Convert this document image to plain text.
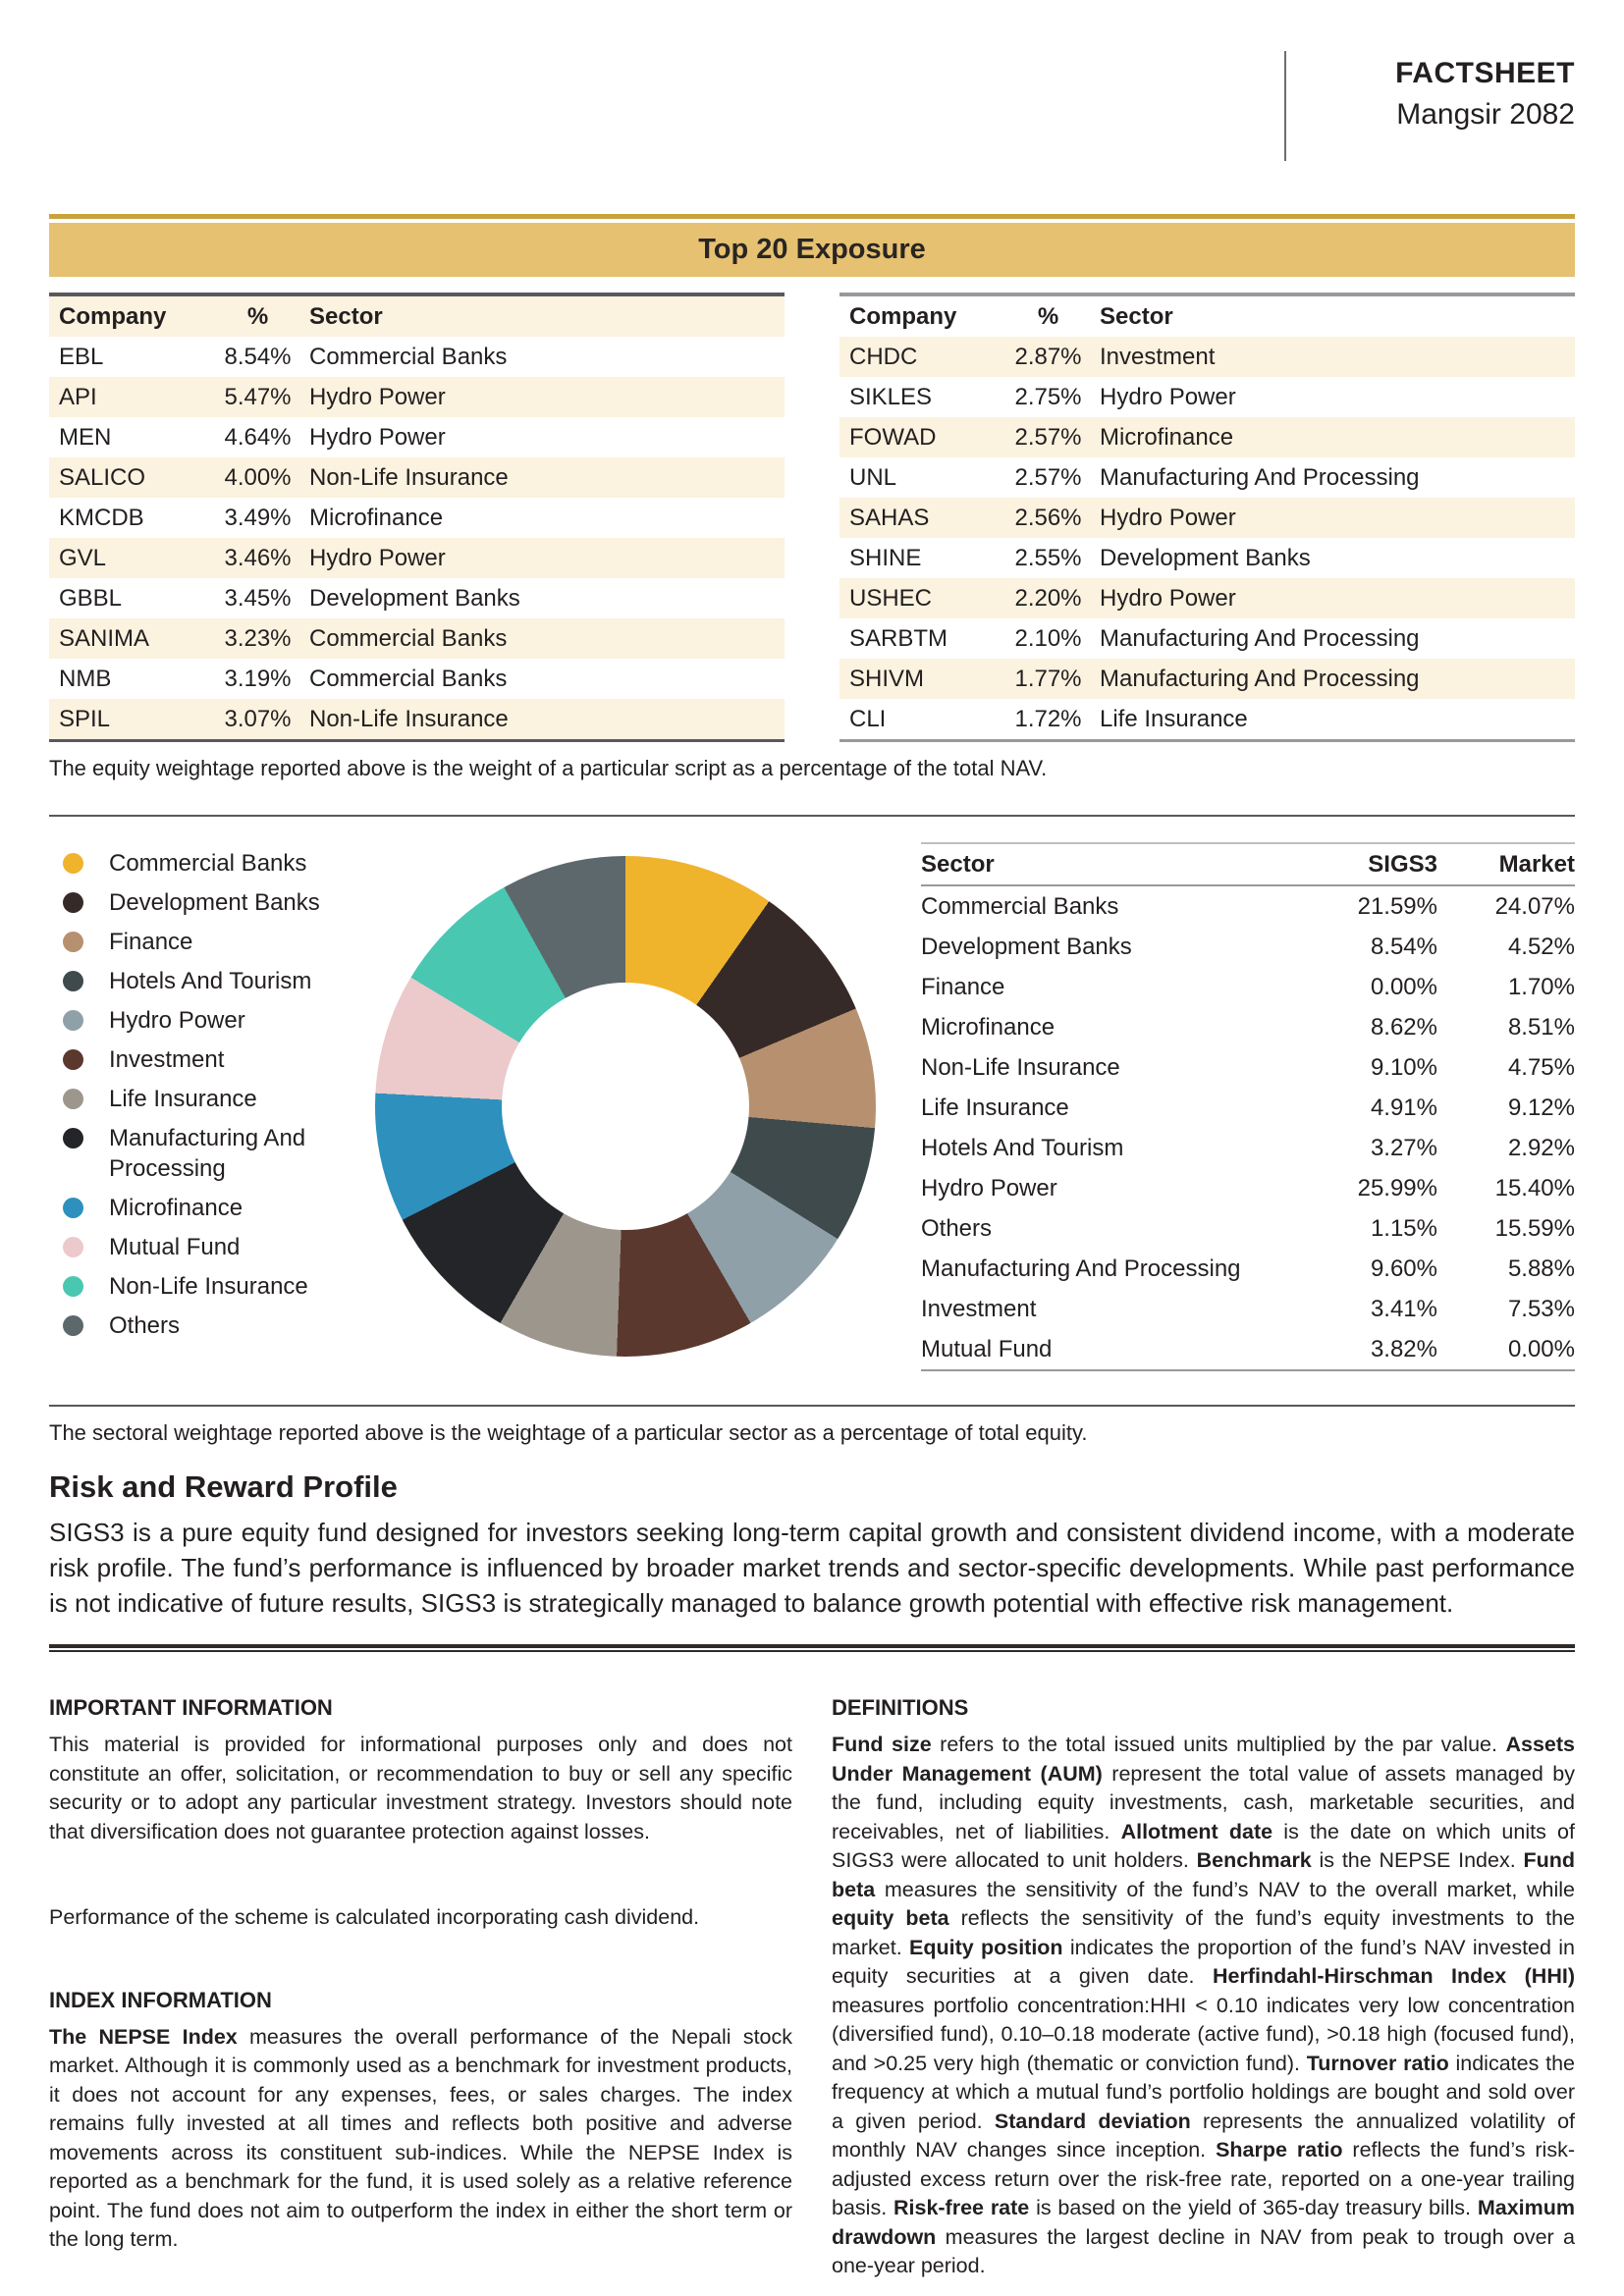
FACTSHEET
Mangsir 2082
Top 20 Exposure
Company	%	Sector
EBL	8.54% Commercial Banks
API	5.47% Hydro Power
MEN	4.64% Hydro Power
SALICO	4.00% Non-Life Insurance
KMCDB	3.49% Microfinance
GVL	3.46% Hydro Power
GBBL	3.45% Development Banks
SANIMA	3.23% Commercial Banks
NMB	3.19% Commercial Banks
SPIL	3.07% Non-Life Insurance
Company	%	Sector
CHDC	2.87% Investment
SIKLES	2.75% Hydro Power
FOWAD	2.57% Microfinance
UNL	2.57% Manufacturing And Processing
SAHAS	2.56% Hydro Power
SHINE	2.55% Development Banks
USHEC	2.20% Hydro Power
SARBTM	2.10% Manufacturing And Processing
SHIVM	1.77% Manufacturing And Processing
CLI	1.72% Life Insurance

The equity weightage reported above is the weight of a particular script as a percentage of the total NAV.

Commercial Banks
Development Banks
Finance
Hotels And Tourism
Hydro Power
Investment
Life Insurance
Manufacturing And Processing
Microfinance
Mutual Fund
Non-Life Insurance
Others
Sector	SIGS3	Market
Commercial Banks	21.59%	24.07%
Development Banks	8.54%	4.52%
Finance	0.00%	1.70%
Microfinance	8.62%	8.51%
Non-Life Insurance	9.10%	4.75%
Life Insurance	4.91%	9.12%
Hotels And Tourism	3.27%	2.92%
Hydro Power	25.99%	15.40%
Others	1.15%	15.59%
Manufacturing And Processing	9.60%	5.88%
Investment	3.41%	7.53%
Mutual Fund	3.82%	0.00%

The sectoral weightage reported above is the weightage of a particular sector as a percentage of total equity.

Risk and Reward Profile

SIGS3 is a pure equity fund designed for investors seeking long-term capital growth and consistent dividend income, with a moderate risk profile. The fund’s performance is influenced by broader market trends and sector-specific developments. While past performance is not indicative of future results, SIGS3 is strategically managed to balance growth potential with effective risk management.

IMPORTANT INFORMATION

This material is provided for informational purposes only and does not constitute an offer, solicitation, or recommendation to buy or sell any specific security or to adopt any particular investment strategy. Investors should note that diversification does not guarantee protection against losses.

Performance of the scheme is calculated incorporating cash dividend.

INDEX INFORMATION

The NEPSE Index measures the overall performance of the Nepali stock market. Although it is commonly used as a benchmark for investment products, it does not account for any expenses, fees, or sales charges. The index remains fully invested at all times and reflects both positive and adverse movements across its constituent sub-indices. While the NEPSE Index is reported as a benchmark for the fund, it is used solely as a relative reference point. The fund does not aim to outperform the index in either the short term or the long term.

DEFINITIONS

Fund size refers to the total issued units multiplied by the par value. Assets Under Management (AUM) represent the total value of assets managed by the fund, including equity investments, cash, marketable securities, and receivables, net of liabilities. Allotment date is the date on which units of SIGS3 were allocated to unit holders. Benchmark is the NEPSE Index. Fund beta measures the sensitivity of the fund’s NAV to the overall market, while equity beta reflects the sensitivity of the fund’s equity investments to the market. Equity position indicates the proportion of the fund’s NAV invested in equity securities at a given date. Herfindahl-Hirschman Index (HHI) measures portfolio concentration:HHI < 0.10 indicates very low concentration (diversified fund), 0.10–0.18 moderate (active fund), >0.18 high (focused fund), and >0.25 very high (thematic or conviction fund). Turnover ratio indicates the frequency at which a mutual fund’s portfolio holdings are bought and sold over a given period. Standard deviation represents the annualized volatility of monthly NAV changes since inception. Sharpe ratio reflects the fund’s risk-adjusted excess return over the risk-free rate, reported on a one-year trailing basis. Risk-free rate is based on the yield of 365-day treasury bills. Maximum drawdown measures the largest decline in NAV from peak to trough over a one-year period.
